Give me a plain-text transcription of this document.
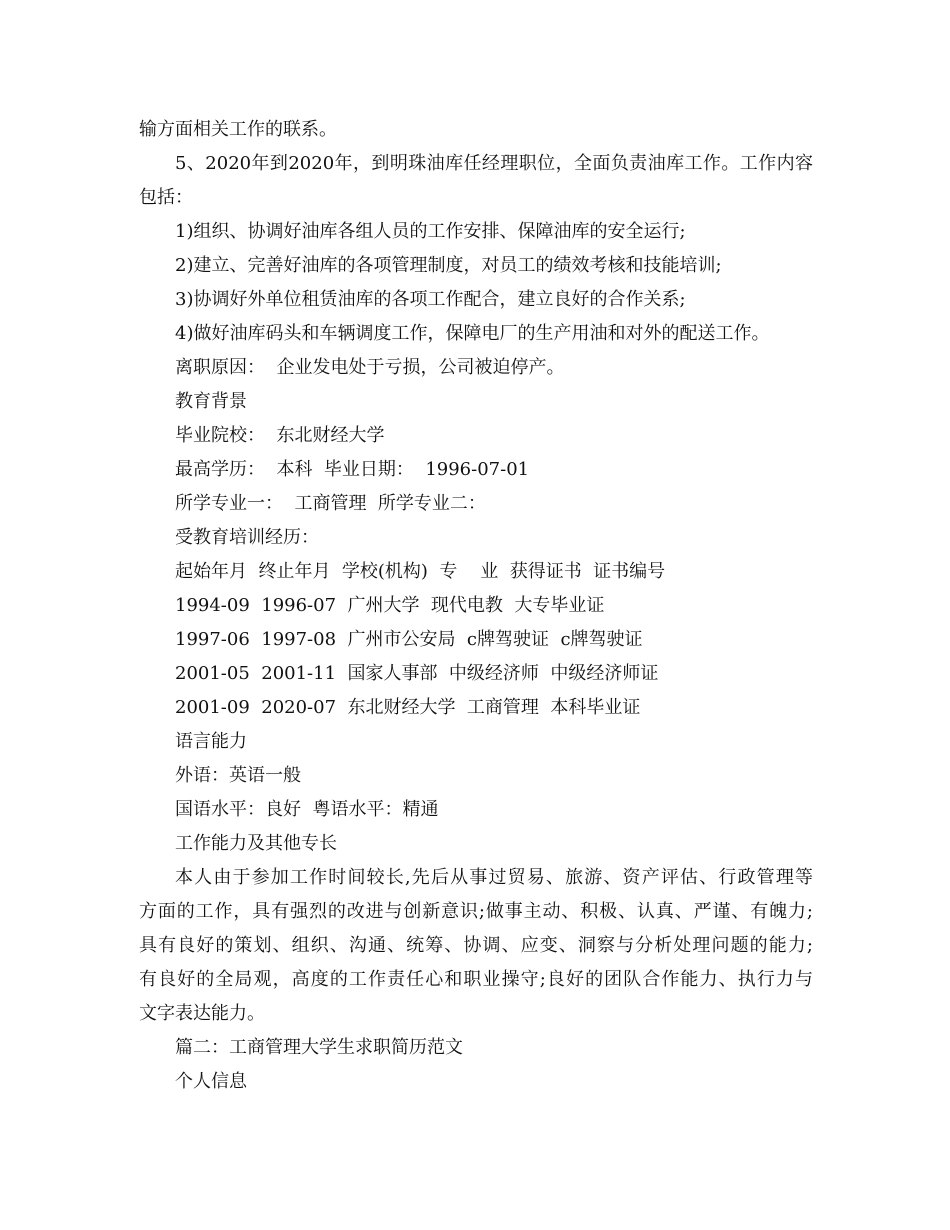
输方面相关工作的联系。
5、2020年到2020年，到明珠油库任经理职位，全面负责油库工作。工作内容
包括：
1)组织、协调好油库各组人员的工作安排、保障油库的安全运行;
2)建立、完善好油库的各项管理制度，对员工的绩效考核和技能培训;
3)协调好外单位租赁油库的各项工作配合，建立良好的合作关系;
4)做好油库码头和车辆调度工作，保障电厂的生产用油和对外的配送工作。
离职原因：  企业发电处于亏损，公司被迫停产。
教育背景
毕业院校：  东北财经大学
最高学历：  本科  毕业日期：  1996-07-01
所学专业一：  工商管理  所学专业二：
受教育培训经历：
起始年月  终止年月  学校(机构)  专    业  获得证书  证书编号
1994-09  1996-07  广州大学  现代电教  大专毕业证
1997-06  1997-08  广州市公安局  c牌驾驶证  c牌驾驶证
2001-05  2001-11  国家人事部  中级经济师  中级经济师证
2001-09  2020-07  东北财经大学  工商管理  本科毕业证
语言能力
外语：英语一般
国语水平：良好  粤语水平：精通
工作能力及其他专长
本人由于参加工作时间较长,先后从事过贸易、旅游、资产评估、行政管理等
方面的工作，具有强烈的改进与创新意识;做事主动、积极、认真、严谨、有魄力;
具有良好的策划、组织、沟通、统筹、协调、应变、洞察与分析处理问题的能力;
有良好的全局观，高度的工作责任心和职业操守;良好的团队合作能力、执行力与
文字表达能力。
篇二：工商管理大学生求职简历范文
个人信息
